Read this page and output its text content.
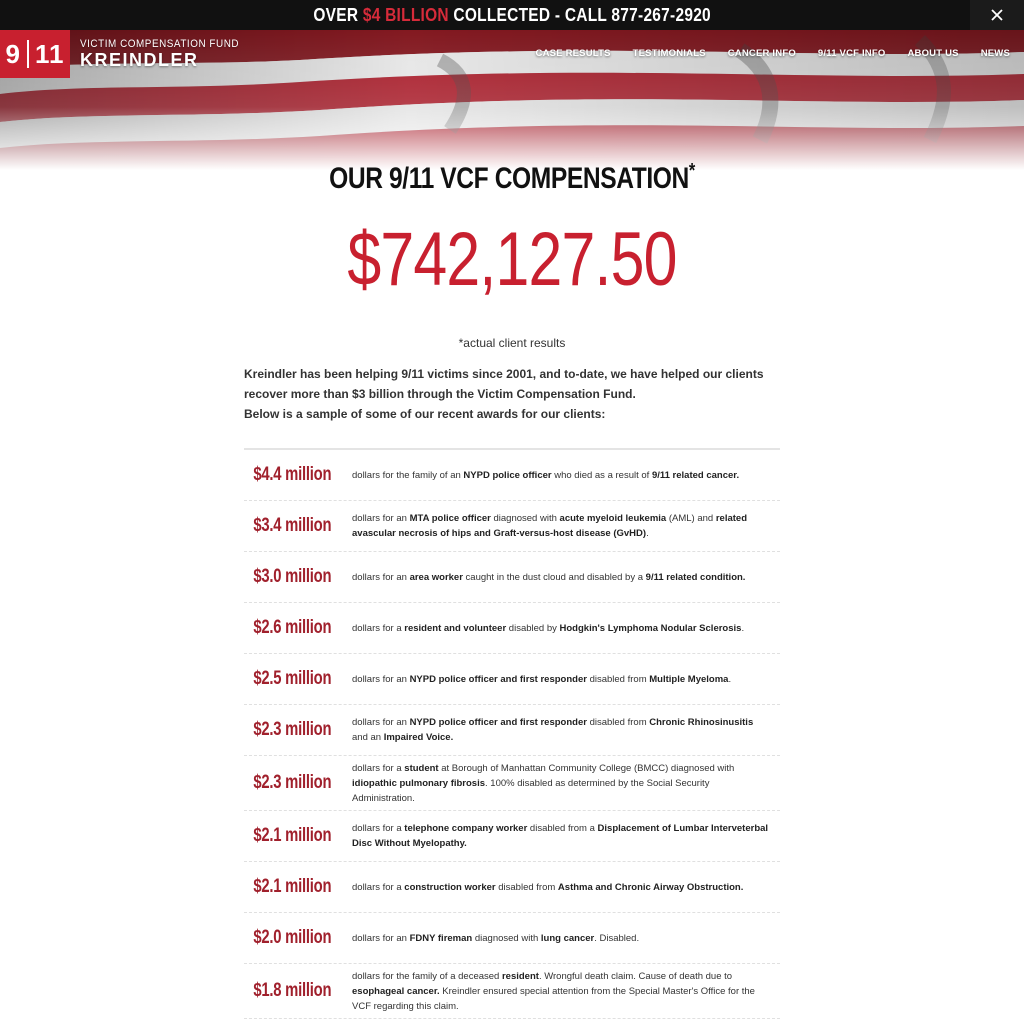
OVER $4 BILLION COLLECTED - CALL 877-267-2920
9 11 VICTIM COMPENSATION FUND
KREINDLER	CASE RESULTS TESTIMONIALS CANCER INFO 9/11 VCF INFO ABOUT US NEWS
OUR 9/11 VCF COMPENSATION*
$742,127.50
*actual client results
Kreindler has been helping 9/11 victims since 2001, and to-date, we have helped our clients recover more than $3 billion through the Victim Compensation Fund.
Below is a sample of some of our recent awards for our clients:
$4.4 million dollars for the family of an NYPD police officer who died as a result of 9/11 related cancer.
$3.4 million dollars for an MTA police officer diagnosed with acute myeloid leukemia (AML) and related avascular necrosis of hips and Graft-versus-host disease (GvHD).
$3.0 million dollars for an area worker caught in the dust cloud and disabled by a 9/11 related condition.
$2.6 million dollars for a resident and volunteer disabled by Hodgkin's Lymphoma Nodular Sclerosis.
$2.5 million dollars for an NYPD police officer and first responder disabled from Multiple Myeloma.
$2.3 million dollars for an NYPD police officer and first responder disabled from Chronic Rhinosinusitis and an Impaired Voice.
$2.3 million
dollars for a student at Borough of Manhattan Community College (BMCC) diagnosed with idiopathic pulmonary fibrosis. 100% disabled as determined by the Social Security Administration.
$2.1 million dollars for a telephone company worker disabled from a Displacement of Lumbar Interveterbal Disc Without Myelopathy.
$2.1 million dollars for a construction worker disabled from Asthma and Chronic Airway Obstruction.
$2.0 million dollars for an FDNY fireman diagnosed with lung cancer. Disabled.
$1.8 million
dollars for the family of a deceased resident. Wrongful death claim. Cause of death due to esophageal cancer. Kreindler ensured special attention from the Special Master's Office for the VCF regarding this claim.
